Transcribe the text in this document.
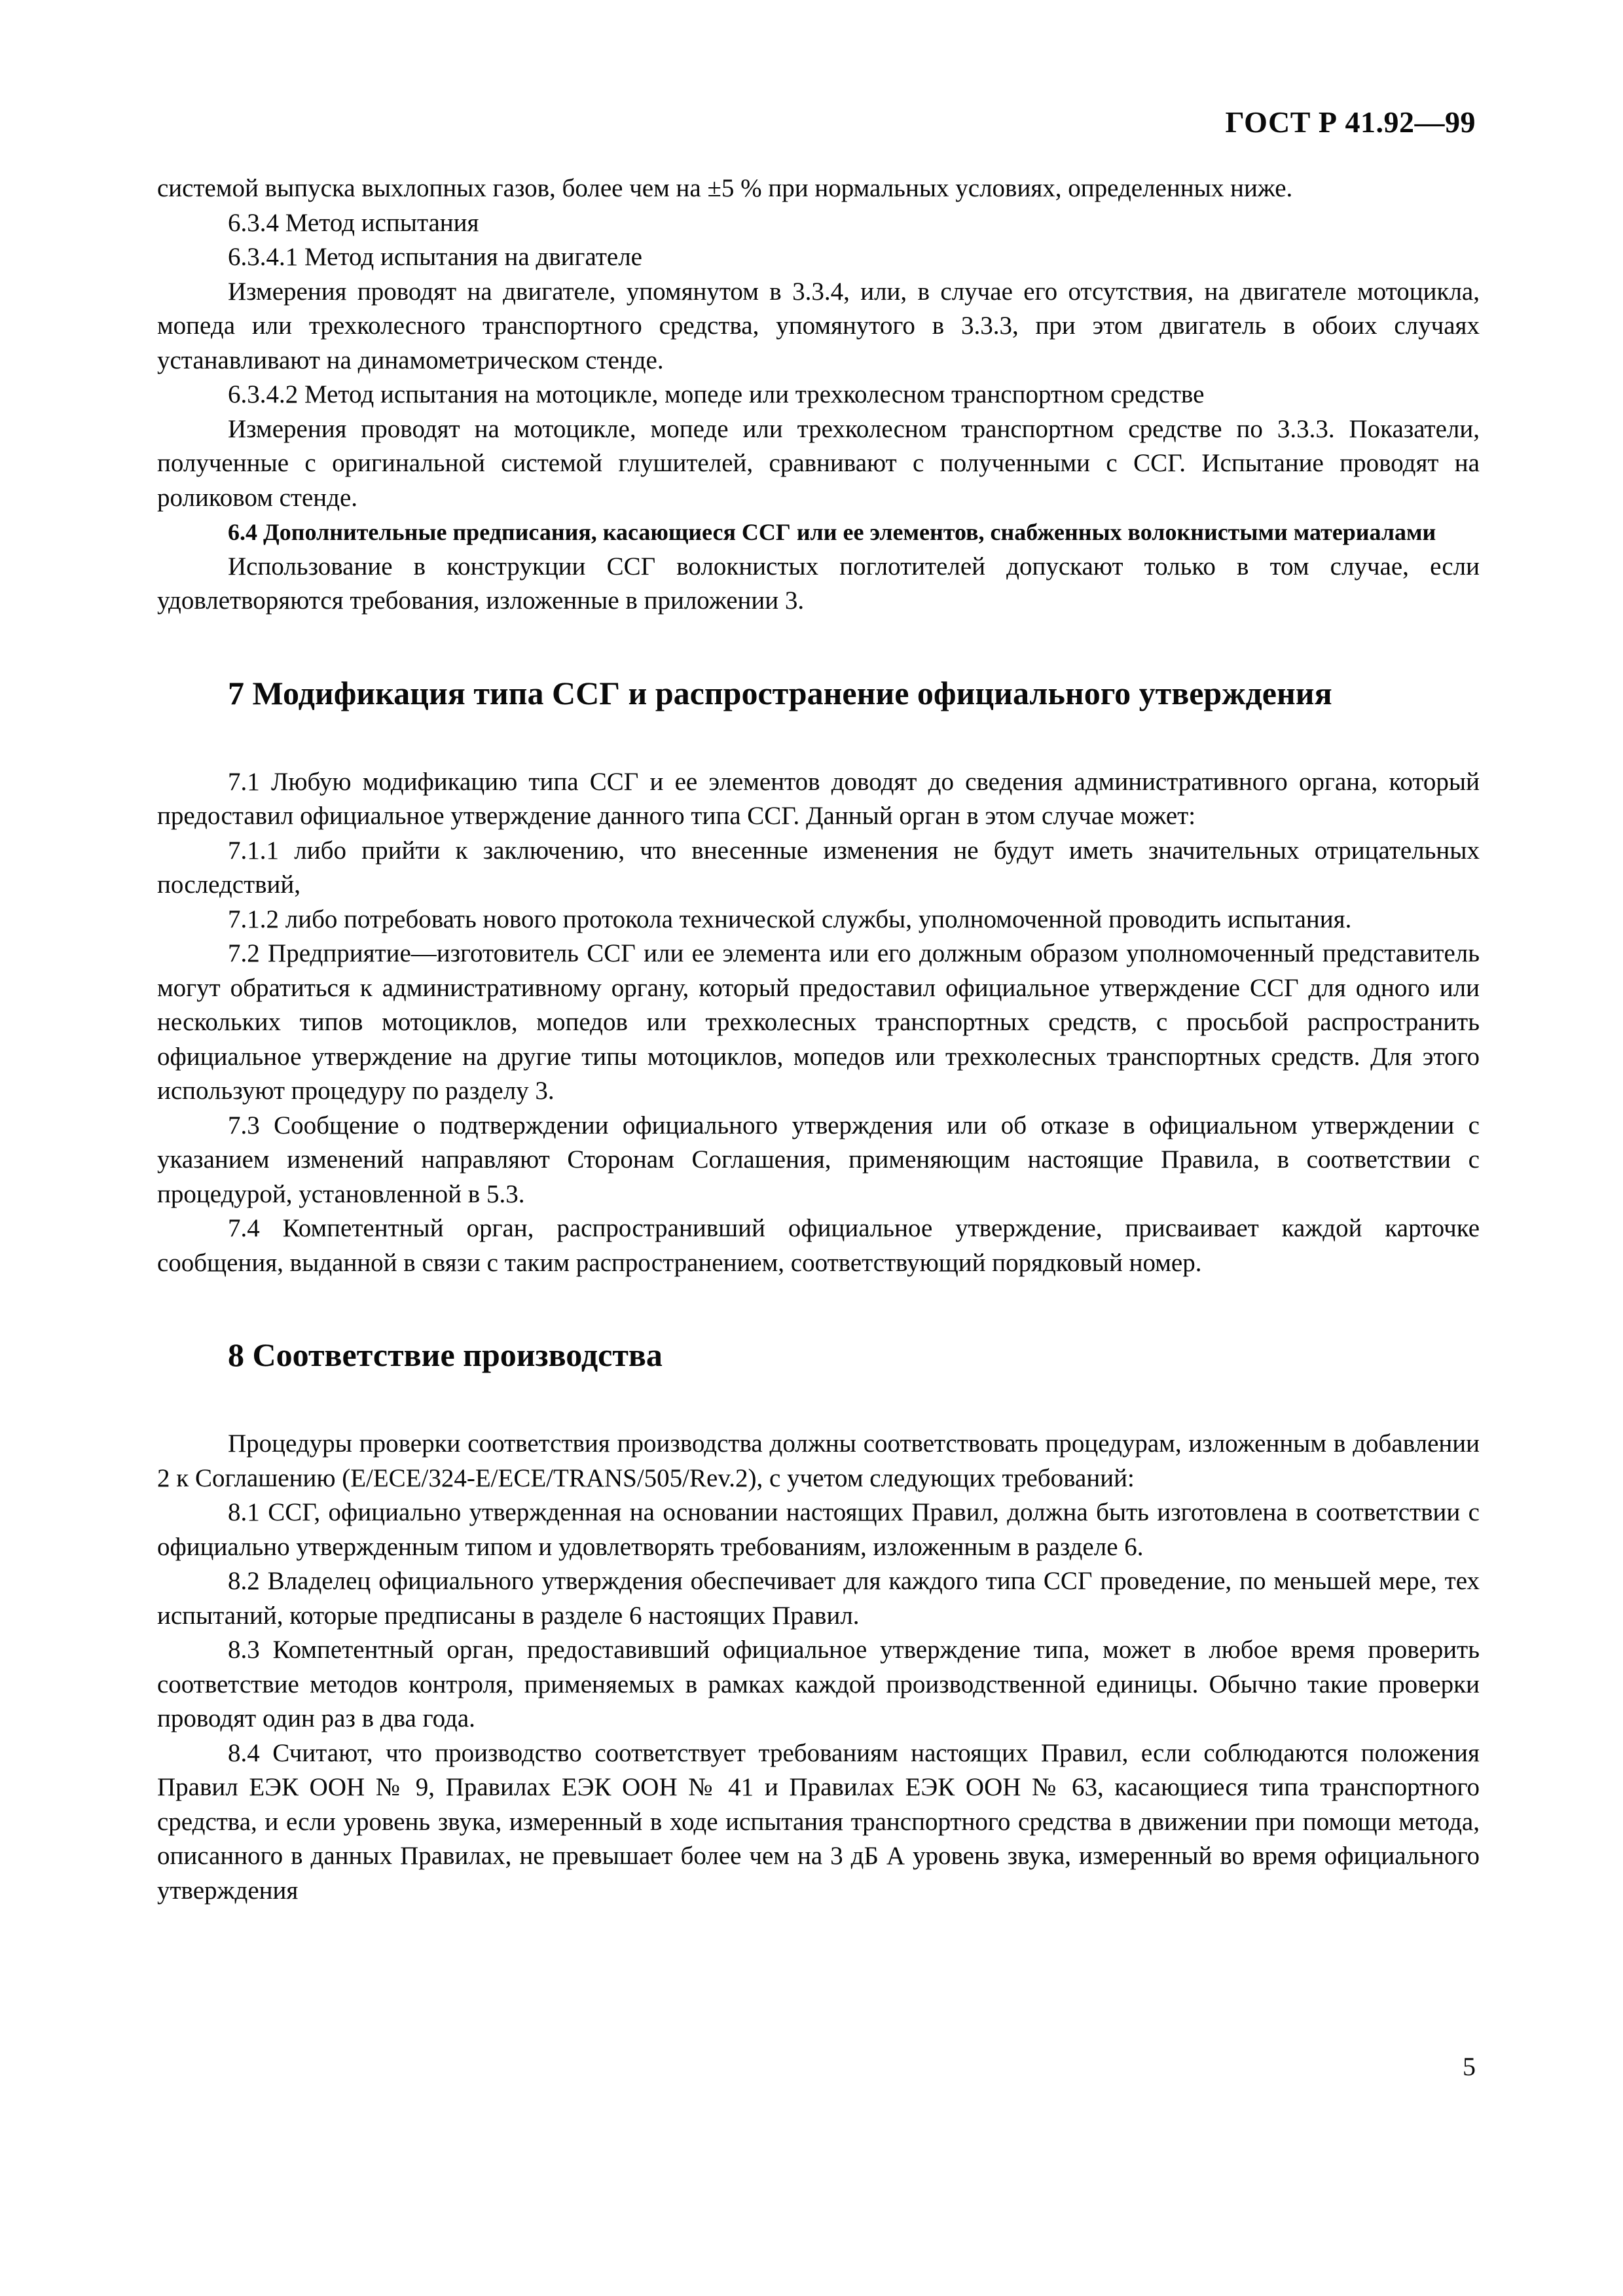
ГОСТ Р 41.92—99

системой выпуска выхлопных газов, более чем на ±5 % при нормальных условиях, определенных ниже.

6.3.4 Метод испытания

6.3.4.1 Метод испытания на двигателе

Измерения проводят на двигателе, упомянутом в 3.3.4, или, в случае его отсутствия, на двигателе мотоцикла, мопеда или трехколесного транспортного средства, упомянутого в 3.3.3, при этом двигатель в обоих случаях устанавливают на динамометрическом стенде.

6.3.4.2 Метод испытания на мотоцикле, мопеде или трехколесном транспортном средстве

Измерения проводят на мотоцикле, мопеде или трехколесном транспортном средстве по 3.3.3. Показатели, полученные с оригинальной системой глушителей, сравнивают с полученными с ССГ. Испытание проводят на роликовом стенде.

6.4 Дополнительные предписания, касающиеся ССГ или ее элементов, снабженных волокнистыми материалами

Использование в конструкции ССГ волокнистых поглотителей допускают только в том случае, если удовлетворяются требования, изложенные в приложении 3.

7 Модификация типа ССГ и распространение официального утверждения

7.1 Любую модификацию типа ССГ и ее элементов доводят до сведения административного органа, который предоставил официальное утверждение данного типа ССГ. Данный орган в этом случае может:

7.1.1 либо прийти к заключению, что внесенные изменения не будут иметь значительных отрицательных последствий,

7.1.2 либо потребовать нового протокола технической службы, уполномоченной проводить испытания.

7.2 Предприятие—изготовитель ССГ или ее элемента или его должным образом уполномоченный представитель могут обратиться к административному органу, который предоставил официальное утверждение ССГ для одного или нескольких типов мотоциклов, мопедов или трехколесных транспортных средств, с просьбой распространить официальное утверждение на другие типы мотоциклов, мопедов или трехколесных транспортных средств. Для этого используют процедуру по разделу 3.

7.3 Сообщение о подтверждении официального утверждения или об отказе в официальном утверждении с указанием изменений направляют Сторонам Соглашения, применяющим настоящие Правила, в соответствии с процедурой, установленной в 5.3.

7.4 Компетентный орган, распространивший официальное утверждение, присваивает каждой карточке сообщения, выданной в связи с таким распространением, соответствующий порядковый номер.

8 Соответствие производства

Процедуры проверки соответствия производства должны соответствовать процедурам, изложенным в добавлении 2 к Соглашению (E/ECE/324-E/ECE/TRANS/505/Rev.2), с учетом следующих требований:

8.1 ССГ, официально утвержденная на основании настоящих Правил, должна быть изготовлена в соответствии с официально утвержденным типом и удовлетворять требованиям, изложенным в разделе 6.

8.2 Владелец официального утверждения обеспечивает для каждого типа ССГ проведение, по меньшей мере, тех испытаний, которые предписаны в разделе 6 настоящих Правил.

8.3 Компетентный орган, предоставивший официальное утверждение типа, может в любое время проверить соответствие методов контроля, применяемых в рамках каждой производственной единицы. Обычно такие проверки проводят один раз в два года.

8.4 Считают, что производство соответствует требованиям настоящих Правил, если соблюдаются положения Правил ЕЭК ООН № 9, Правилах ЕЭК ООН № 41 и Правилах ЕЭК ООН № 63, касающиеся типа транспортного средства, и если уровень звука, измеренный в ходе испытания транспортного средства в движении при помощи метода, описанного в данных Правилах, не превышает более чем на 3 дБ А уровень звука, измеренный во время официального утверждения

5
